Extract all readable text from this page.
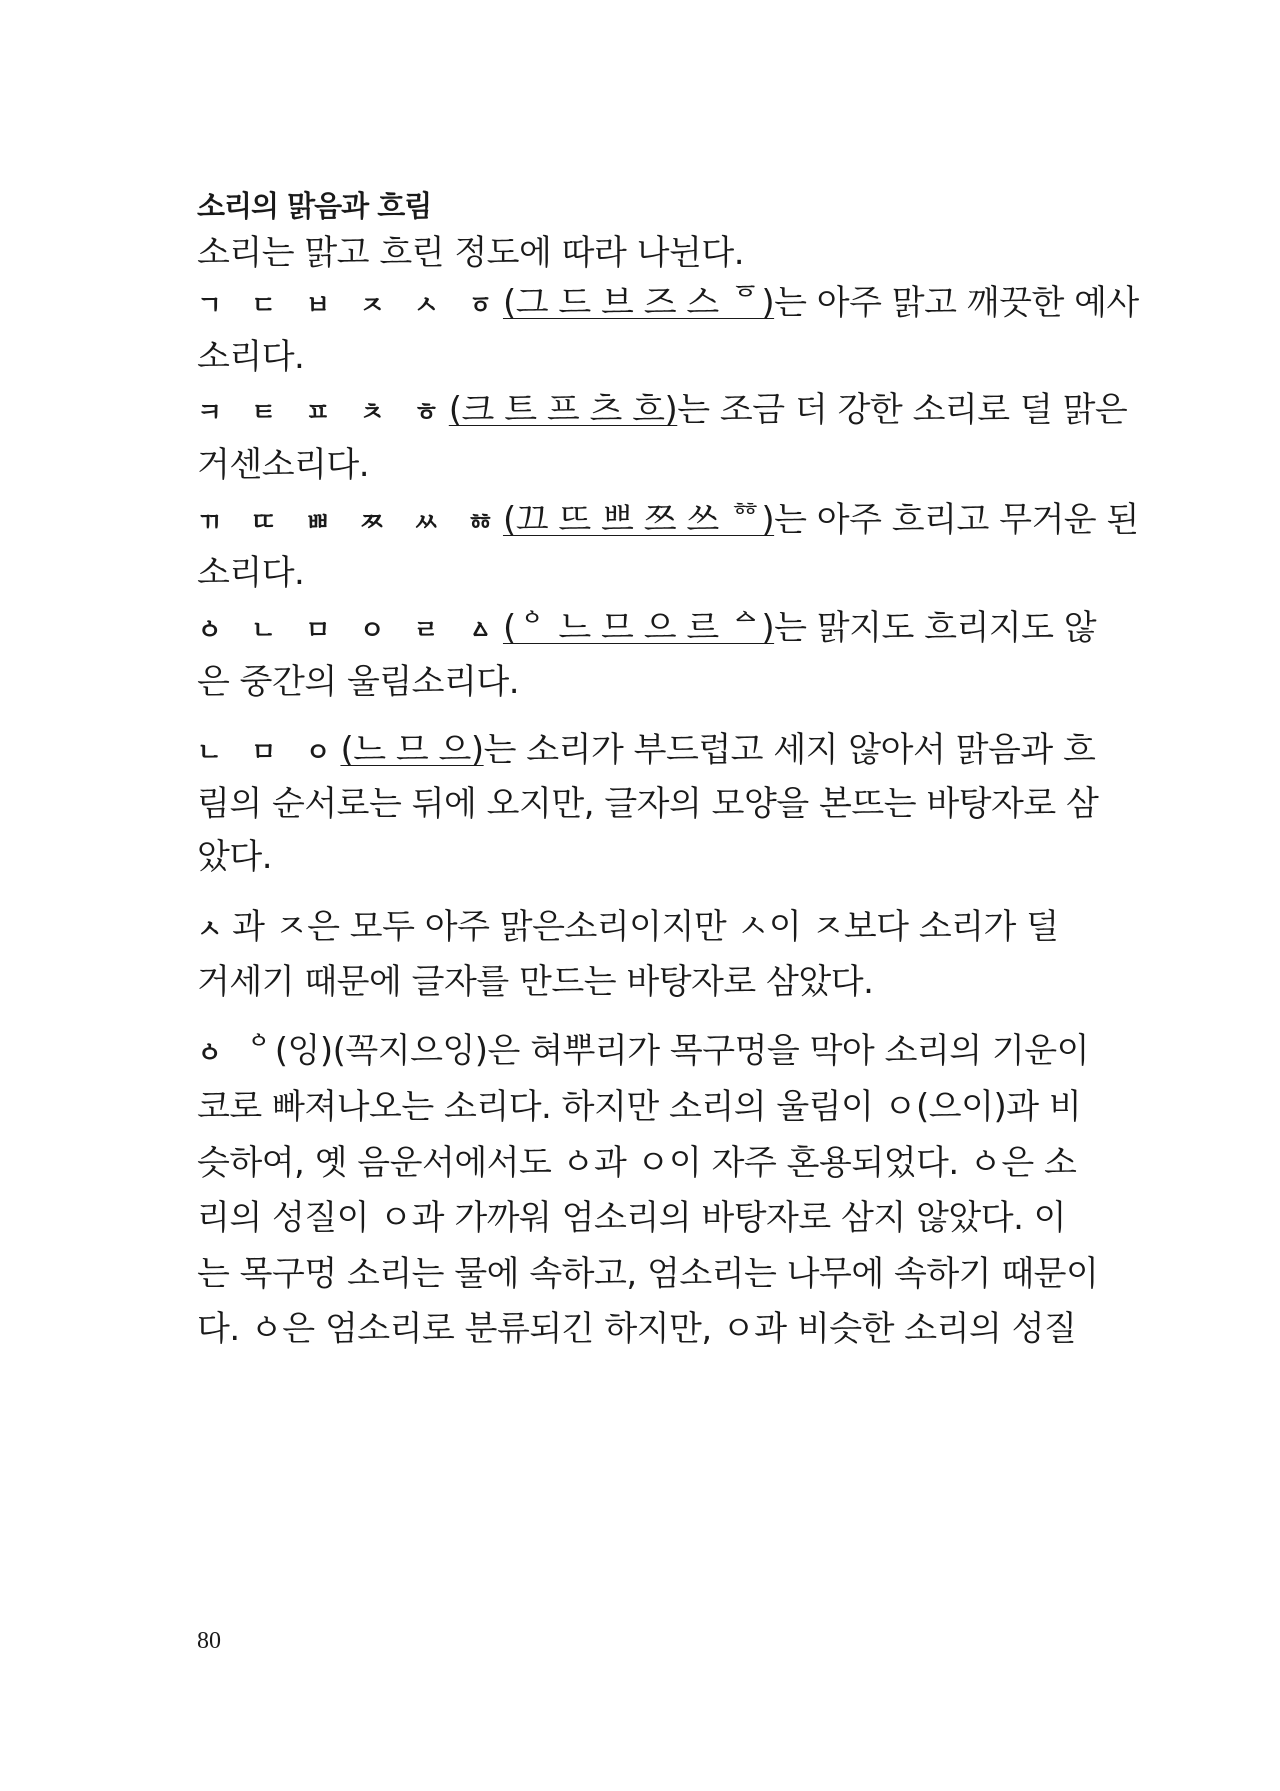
소리의 맑음과 흐림
소리는 맑고 흐린 정도에 따라 나뉜다.
ㄱ ㄷ ㅂ ㅈ ㅅ ㆆ(그 드 브 즈 스 ᅙ)는 아주 맑고 깨끗한 예사
소리다.
ㅋ ㅌ ㅍ ㅊ ㅎ(크 트 프 츠 흐)는 조금 더 강한 소리로 덜 맑은
거센소리다.
ㄲ ㄸ ㅃ ㅉ ㅆ ㆅ(끄 뜨 쁘 쯔 쓰 ᅘ)는 아주 흐리고 무거운 된
소리다.
ㆁ ㄴ ㅁ ㅇ ㄹ ㅿ(ᅌ 느 므 으 르 ᅀ)는 맑지도 흐리지도 않
은 중간의 울림소리다.
ㄴ ㅁ ㅇ(느 므 으)는 소리가 부드럽고 세지 않아서 맑음과 흐
림의 순서로는 뒤에 오지만, 글자의 모양을 본뜨는 바탕자로 삼
았다.
ㅅ과 ㅈ은 모두 아주 맑은소리이지만 ㅅ이 ㅈ보다 소리가 덜
거세기 때문에 글자를 만드는 바탕자로 삼았다.
ㆁ ᅌ(잉)(꼭지으잉)은 혀뿌리가 목구멍을 막아 소리의 기운이
코로 빠져나오는 소리다. 하지만 소리의 울림이 ㅇ(으이)과 비
슷하여, 옛 음운서에서도 ㆁ과 ㅇ이 자주 혼용되었다. ㆁ은 소
리의 성질이 ㅇ과 가까워 엄소리의 바탕자로 삼지 않았다. 이
는 목구멍 소리는 물에 속하고, 엄소리는 나무에 속하기 때문이
다. ㆁ은 엄소리로 분류되긴 하지만, ㅇ과 비슷한 소리의 성질
80
